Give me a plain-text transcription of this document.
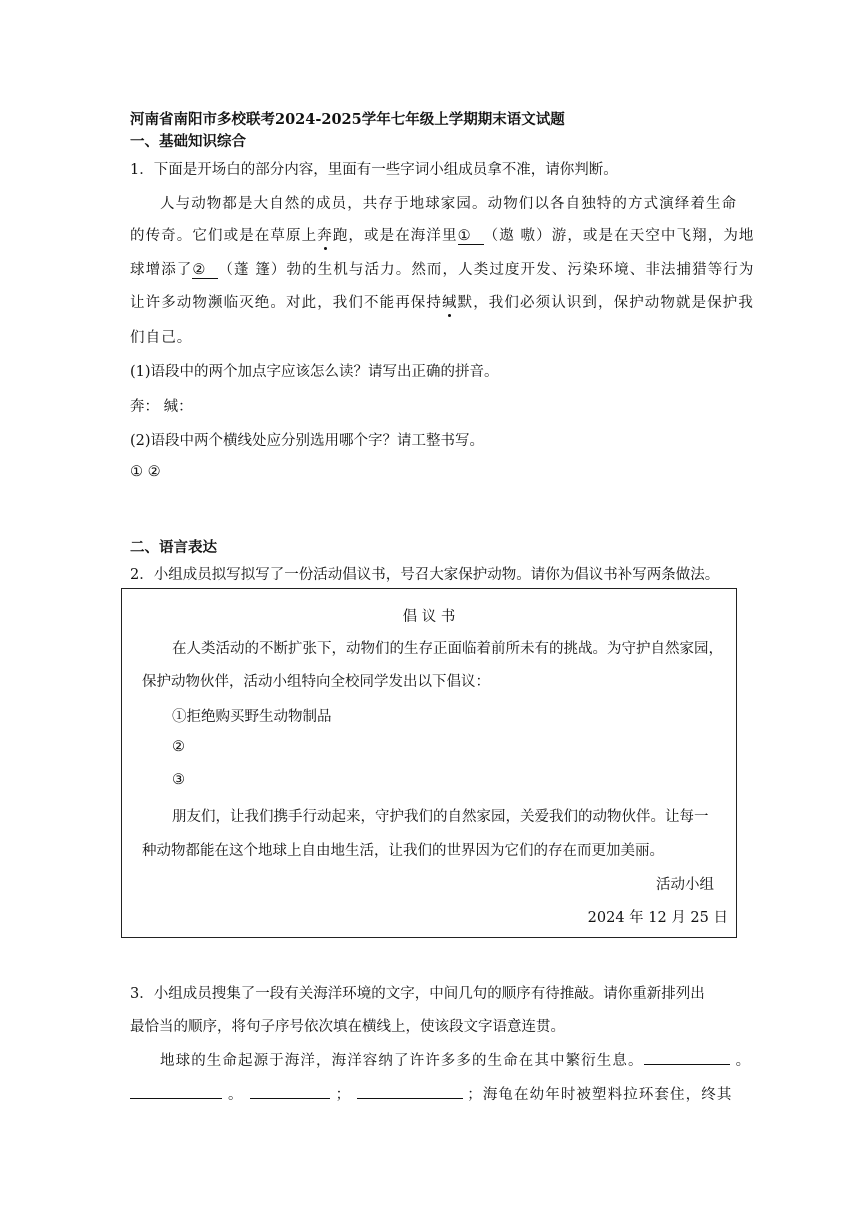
河南省南阳市多校联考2024-2025学年七年级上学期期末语文试题
一、基础知识综合
1．下面是开场白的部分内容，里面有一些字词小组成员拿不准，请你判断。
人与动物都是大自然的成员，共存于地球家园。动物们以各自独特的方式演绎着生命
的传奇。它们或是在草原上奔跑，或是在海洋里① （遨 嗷）游，或是在天空中飞翔，为地
球增添了② （蓬 篷）勃的生机与活力。然而，人类过度开发、污染环境、非法捕猎等行为
让许多动物濒临灭绝。对此，我们不能再保持缄默，我们必须认识到，保护动物就是保护我
们自己。
(1)语段中的两个加点字应该怎么读？请写出正确的拼音。
奔： 缄：
(2)语段中两个横线处应分别选用哪个字？请工整书写。
① ②
二、语言表达
2．小组成员拟写拟写了一份活动倡议书，号召大家保护动物。请你为倡议书补写两条做法。
倡 议 书
在人类活动的不断扩张下，动物们的生存正面临着前所未有的挑战。为守护自然家园，
保护动物伙伴，活动小组特向全校同学发出以下倡议：
①拒绝购买野生动物制品
②
③
朋友们，让我们携手行动起来，守护我们的自然家园，关爱我们的动物伙伴。让每一
种动物都能在这个地球上自由地生活，让我们的世界因为它们的存在而更加美丽。
活动小组
2024 年 12 月 25 日
3．小组成员搜集了一段有关海洋环境的文字，中间几句的顺序有待推敲。请你重新排列出
最恰当的顺序，将句子序号依次填在横线上，使该段文字语意连贯。
地球的生命起源于海洋，海洋容纳了许许多多的生命在其中繁衍生息。	。
。	；	；海龟在幼年时被塑料拉环套住，终其
